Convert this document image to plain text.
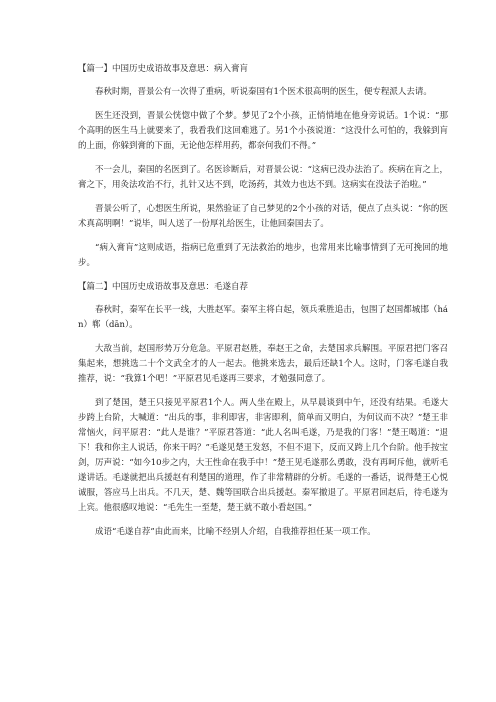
【篇一】中国历史成语故事及意思：病入膏肓

春秋时期，晋景公有一次得了重病，听说秦国有1个医术很高明的医生，便专程派人去请。

医生还没到，晋景公恍惚中做了个梦。梦见了2个小孩，正悄悄地在他身旁说话。1个说：“那个高明的医生马上就要来了，我看我们这回难逃了。另1个小孩说道：“这没什么可怕的，我躲到肓的上面，你躲到膏的下面，无论他怎样用药，都奈何我们不得。”

不一会儿，秦国的名医到了。名医诊断后，对晋景公说：“这病已没办法治了。疾病在肓之上，膏之下，用灸法攻治不行，扎针又达不到，吃汤药，其效力也达不到。这病实在没法子治啦。”

晋景公听了，心想医生所说，果然验证了自己梦见的2个小孩的对话，便点了点头说：“你的医术真高明啊！”说毕，叫人送了一份厚礼给医生，让他回秦国去了。

“病入膏肓”这则成语，指病已危重到了无法救治的地步，也常用来比喻事情到了无可挽回的地步。

【篇二】中国历史成语故事及意思：毛遂自荐

春秋时，秦军在长平一线，大胜赵军。秦军主将白起，领兵乘胜追击，包围了赵国都城邯（hán）郸（dān）。

大敌当前，赵国形势万分危急。平原君赵胜，奉赵王之命，去楚国求兵解围。平原君把门客召集起来，想挑选二十个文武全才的人一起去。他挑来选去，最后还缺1个人。这时，门客毛遂自我推荐，说：“我算1个吧！”平原君见毛遂再三要求，才勉强同意了。

到了楚国，楚王只接见平原君1个人。两人坐在殿上，从早晨谈到中午，还没有结果。毛遂大步跨上台阶，大喊道：“出兵的事，非利即害，非害即利，简单而又明白，为何议而不决？”楚王非常恼火，问平原君：“此人是谁？”平原君答道：“此人名叫毛遂，乃是我的门客！”楚王喝道：“退下！我和你主人说话，你来干吗？”毛遂见楚王发怒，不但不退下，反而又跨上几个台阶。他手按宝剑，厉声说：“如今10步之内，大王性命在我手中！”楚王见毛遂那么勇敢，没有再呵斥他，就听毛遂讲话。毛遂就把出兵援赵有利楚国的道理，作了非常精辟的分析。毛遂的一番话，说得楚王心悦诚服，答应马上出兵。不几天，楚、魏等国联合出兵援赵。秦军撤退了。平原君回赵后，待毛遂为上宾。他很感叹地说：“毛先生一至楚，楚王就不敢小看赵国。”

成语“毛遂自荐”由此而来，比喻不经别人介绍，自我推荐担任某一项工作。
